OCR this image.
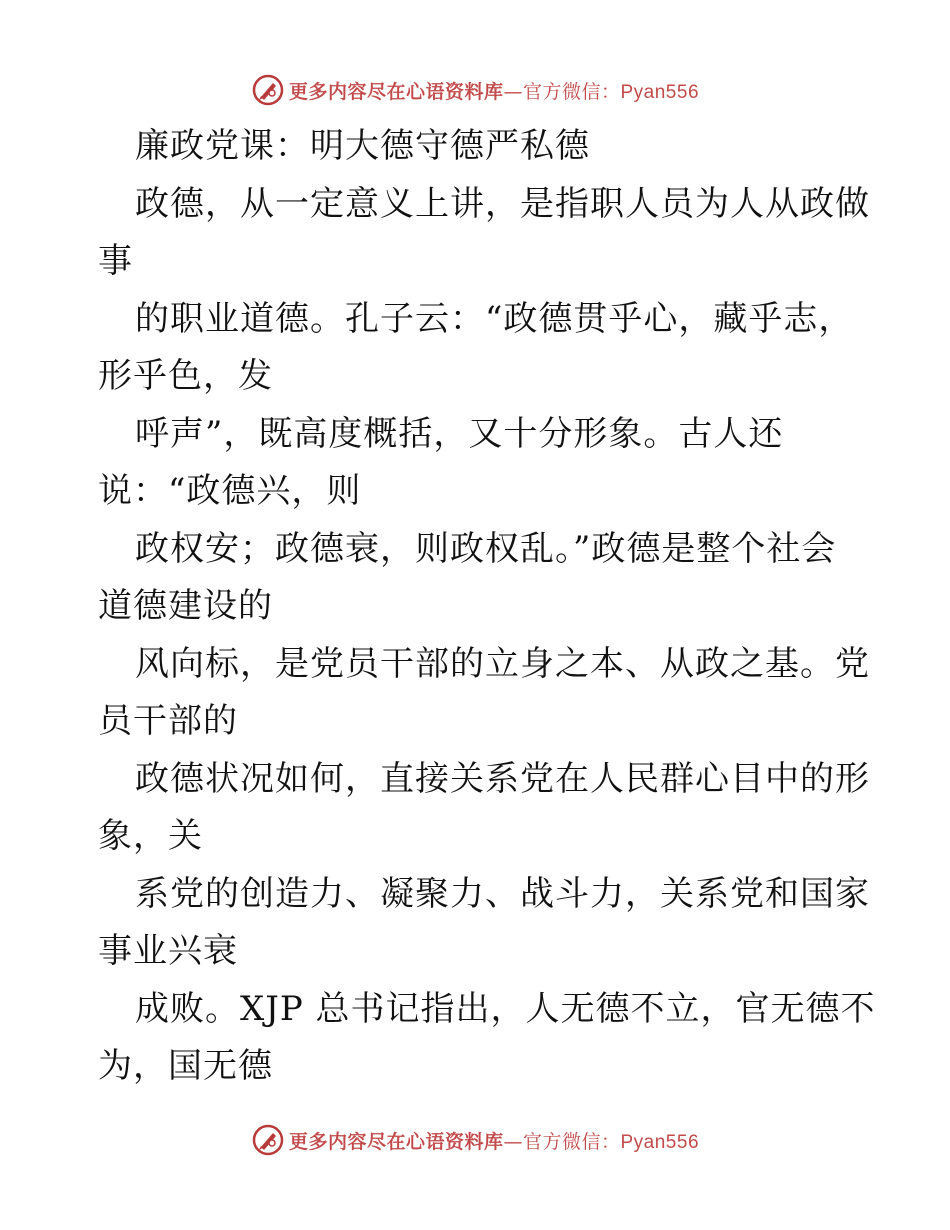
更多内容尽在心语资料库—官方微信：Pyan556
廉政党课：明大德守德严私德
政德，从一定意义上讲，是指职人员为人从政做
事
的职业道德。孔子云：“政德贯乎心，藏乎志，
形乎色，发
呼声”，既高度概括，又十分形象。古人还
说：“政德兴，则
政权安；政德衰，则政权乱。”政德是整个社会
道德建设的
风向标，是党员干部的立身之本、从政之基。党
员干部的
政德状况如何，直接关系党在人民群心目中的形
象，关
系党的创造力、凝聚力、战斗力，关系党和国家
事业兴衰
成败。XJP 总书记指出，人无德不立，官无德不
为，国无德
更多内容尽在心语资料库—官方微信：Pyan556
